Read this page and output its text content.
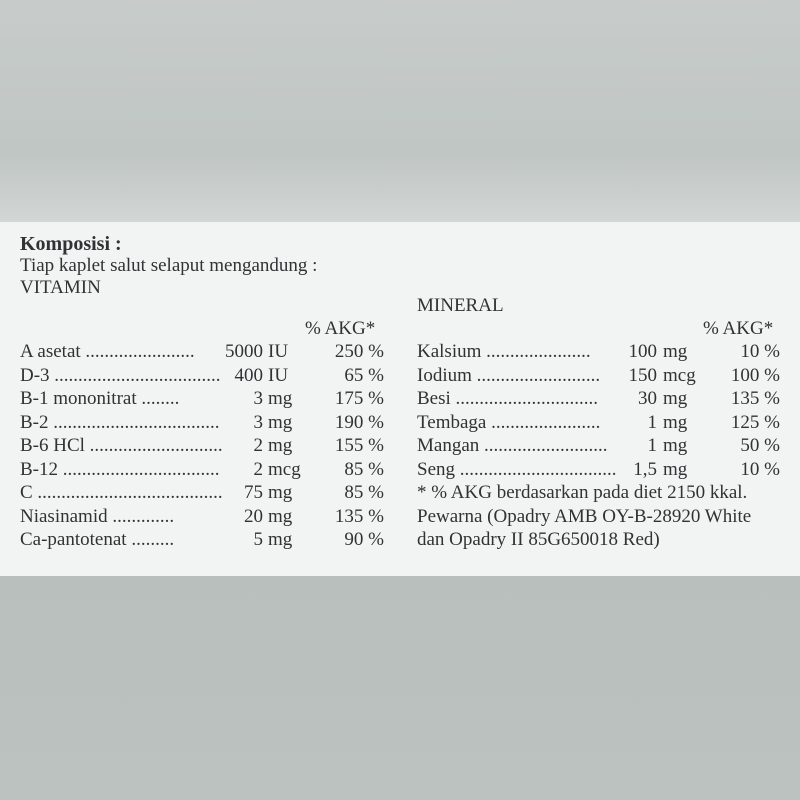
Komposisi :
Tiap kaplet salut selaput mengandung :
VITAMIN
MINERAL
% AKG*	% AKG*
A asetat ....................... 5000 IU 250 % Kalsium ...................... 100 mg	10 %
D-3 ................................... 400 IU	65 % Iodium .......................... 150 mcg 100 %
B-1 mononitrat ........	3 mg 175 % Besi .............................. 30 mg 135 %
B-2 ................................... 3 mg 190 % Tembaga ....................... 1 mg 125 %
B-6 HCl ............................ 2 mg 155 % Mangan .......................... 1 mg	50 %
B-12 ................................. 2 mcg 85 % Seng ................................. 1,5 mg	10 %
C ....................................... 75 mg	85 % * % AKG berdasarkan pada diet 2150 kkal.
Niasinamid .............	20 mg 135 % Pewarna (Opadry AMB OY-B-28920 White
Ca-pantotenat .........	5 mg	90 % dan Opadry II 85G650018 Red)
